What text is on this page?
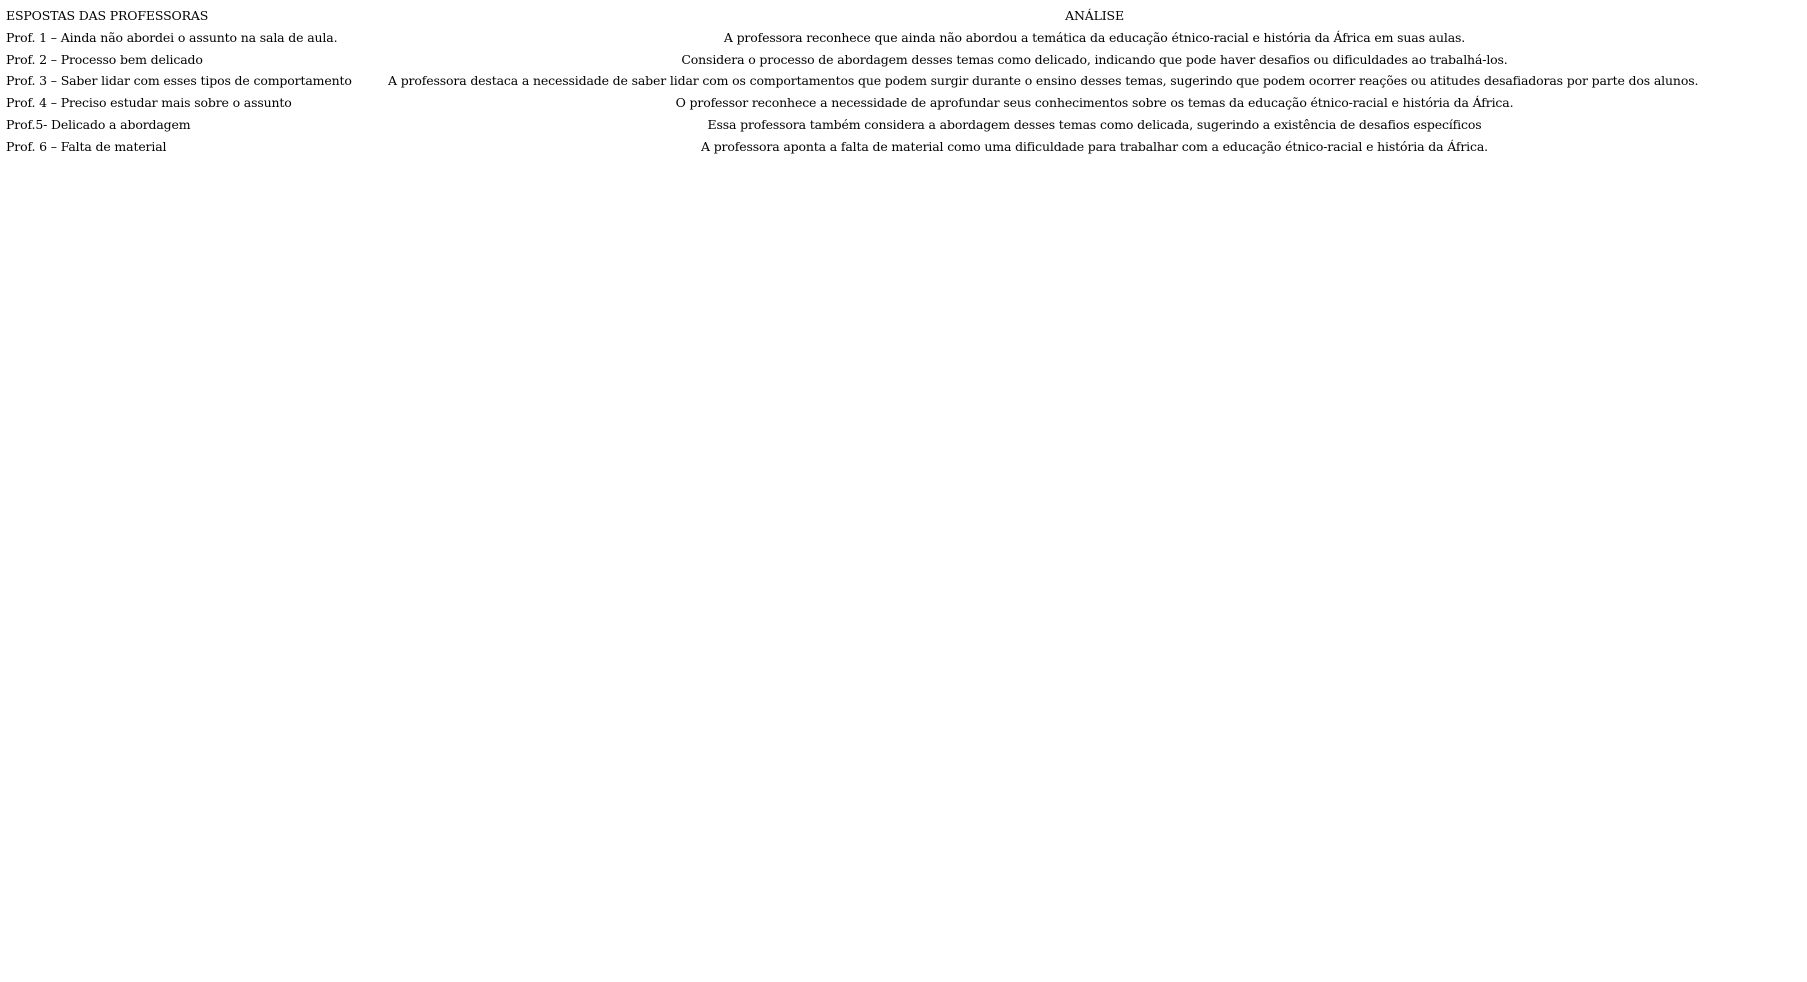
ESPOSTAS DAS PROFESSORAS	ANÁLISE
Prof. 1 – Ainda não abordei o assunto na sala de aula.	A professora reconhece que ainda não abordou a temática da educação étnico-racial e história da África em suas aulas.
Prof. 2 – Processo bem delicado	Considera o processo de abordagem desses temas como delicado, indicando que pode haver desafios ou dificuldades ao trabalhá-los.
Prof. 3 – Saber lidar com esses tipos de comportamento	A professora destaca a necessidade de saber lidar com os comportamentos que podem surgir durante o ensino desses temas, sugerindo que podem ocorrer reações ou atitudes desafiadoras por parte dos alunos.
Prof. 4 – Preciso estudar mais sobre o assunto	O professor reconhece a necessidade de aprofundar seus conhecimentos sobre os temas da educação étnico-racial e história da África.
Prof.5- Delicado a abordagem	Essa professora também considera a abordagem desses temas como delicada, sugerindo a existência de desafios específicos
Prof. 6 – Falta de material	A professora aponta a falta de material como uma dificuldade para trabalhar com a educação étnico-racial e história da África.
